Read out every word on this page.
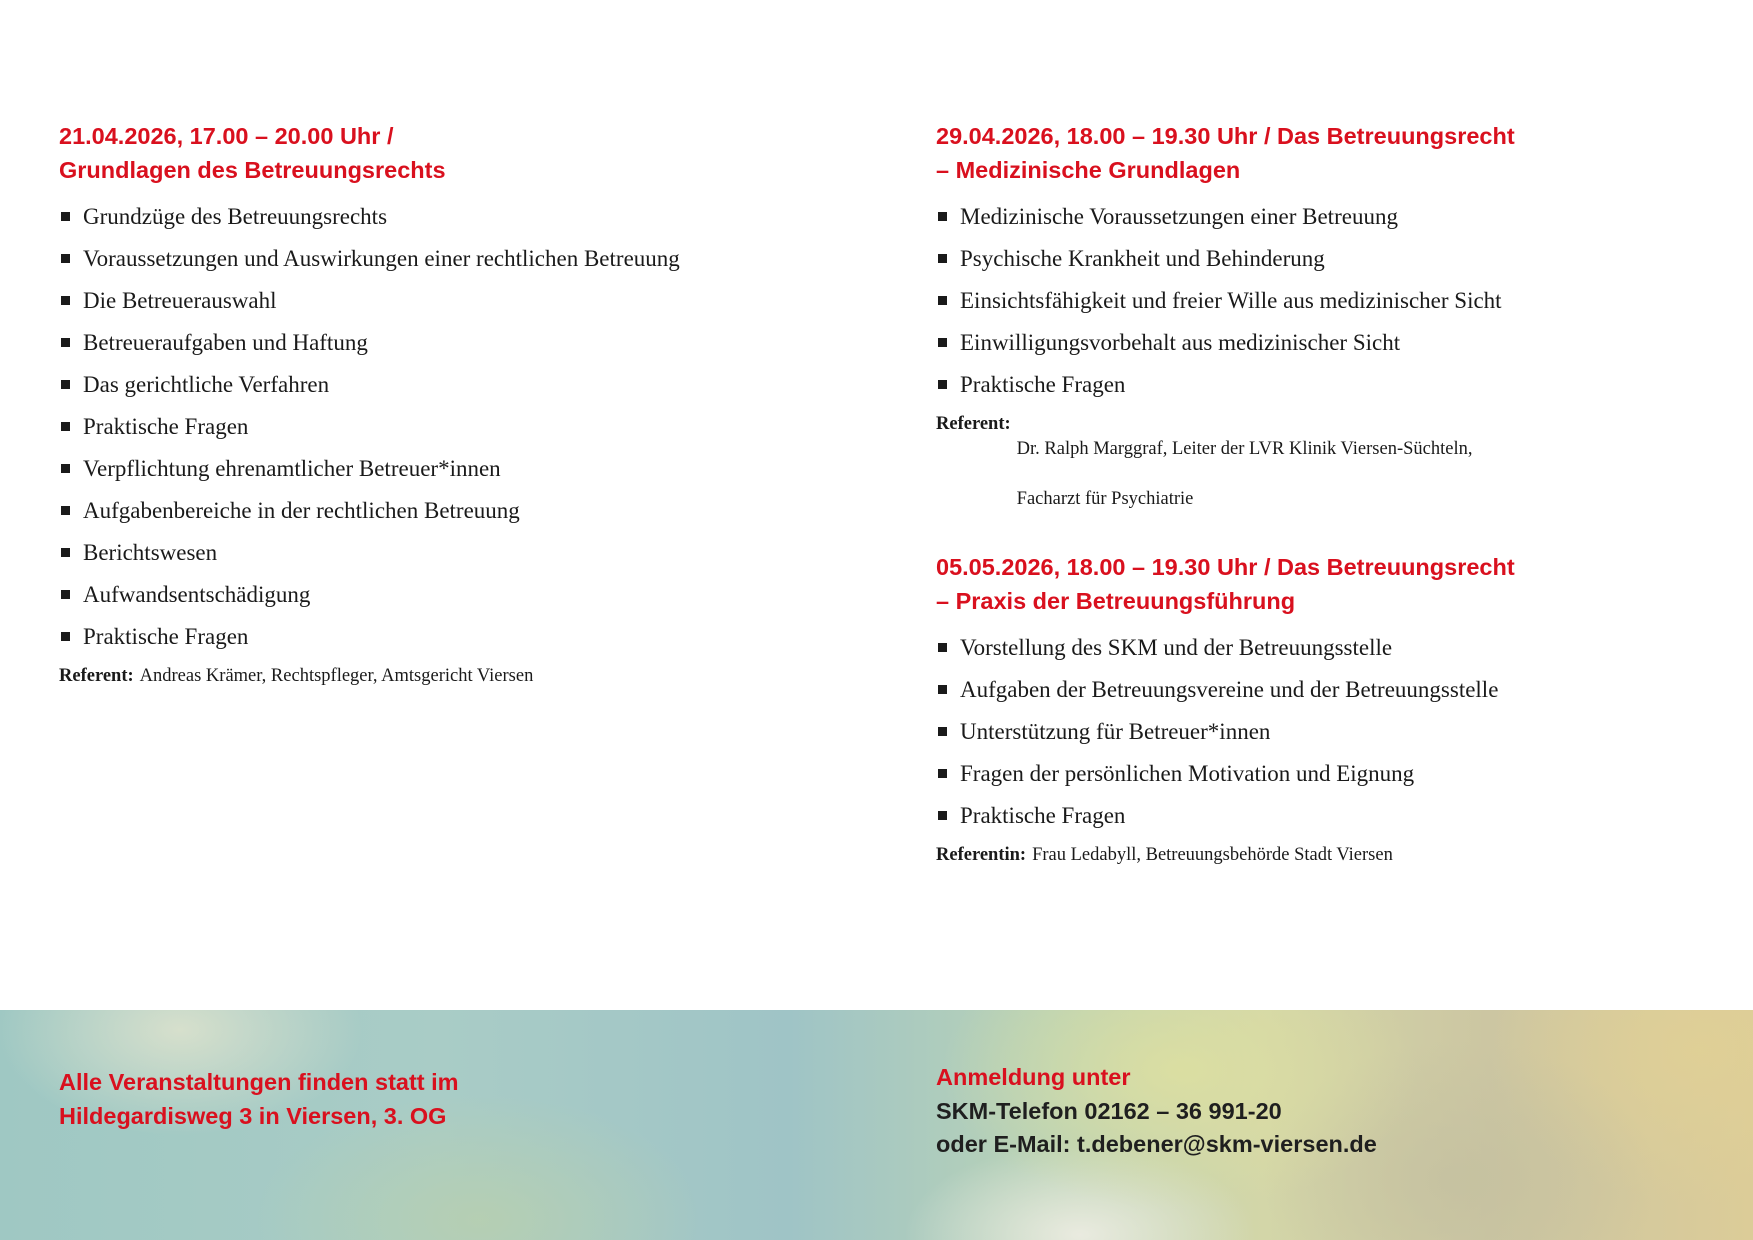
21.04.2026, 17.00 – 20.00 Uhr /
Grundlagen des Betreuungsrechts
Grundzüge des Betreuungsrechts
Voraussetzungen und Auswirkungen einer rechtlichen Betreuung
Die Betreuerauswahl
Betreueraufgaben und Haftung
Das gerichtliche Verfahren
Praktische Fragen
Verpflichtung ehrenamtlicher Betreuer*innen
Aufgabenbereiche in der rechtlichen Betreuung
Berichtswesen
Aufwandsentschädigung
Praktische Fragen
Referent: Andreas Krämer, Rechtspfleger, Amtsgericht Viersen
29.04.2026, 18.00 – 19.30 Uhr / Das Betreuungsrecht
– Medizinische Grundlagen
Medizinische Voraussetzungen einer Betreuung
Psychische Krankheit und Behinderung
Einsichtsfähigkeit und freier Wille aus medizinischer Sicht
Einwilligungsvorbehalt aus medizinischer Sicht
Praktische Fragen
Referent:

Dr. Ralph Marggraf, Leiter der LVR Klinik Viersen-Süchteln,

Facharzt für Psychiatrie

05.05.2026, 18.00 – 19.30 Uhr / Das Betreuungsrecht
– Praxis der Betreuungsführung
Vorstellung des SKM und der Betreuungsstelle
Aufgaben der Betreuungsvereine und der Betreuungsstelle
Unterstützung für Betreuer*innen
Fragen der persönlichen Motivation und Eignung
Praktische Fragen
Referentin: Frau Ledabyll, Betreuungsbehörde Stadt Viersen
Alle Veranstaltungen finden statt im
Hildegardisweg 3 in Viersen, 3. OG
Anmeldung unter
SKM-Telefon 02162 – 36 991-20
oder E-Mail: t.debener@skm-viersen.de
